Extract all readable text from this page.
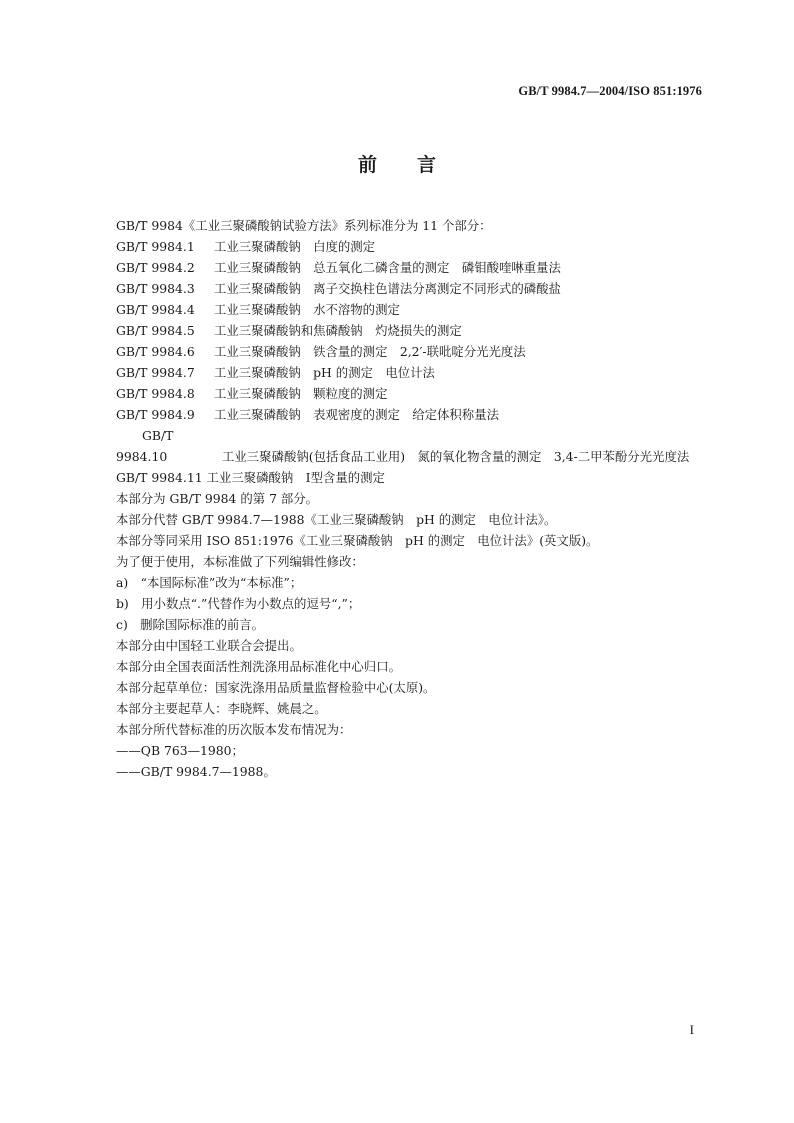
GB/T 9984.7—2004/ISO 851:1976
前 言
GB/T 9984《工业三聚磷酸钠试验方法》系列标准分为 11 个部分：
GB/T 9984.1 工业三聚磷酸钠　白度的测定
GB/T 9984.2 工业三聚磷酸钠　总五氧化二磷含量的测定　磷钼酸喹啉重量法
GB/T 9984.3 工业三聚磷酸钠　离子交换柱色谱法分离测定不同形式的磷酸盐
GB/T 9984.4 工业三聚磷酸钠　水不溶物的测定
GB/T 9984.5 工业三聚磷酸钠和焦磷酸钠　灼烧损失的测定
GB/T 9984.6 工业三聚磷酸钠　铁含量的测定　2,2′-联吡啶分光光度法
GB/T 9984.7 工业三聚磷酸钠　pH 的测定　电位计法
GB/T 9984.8 工业三聚磷酸钠　颗粒度的测定
GB/T 9984.9 工业三聚磷酸钠　表观密度的测定　给定体积称量法
GB/T 9984.10	工业三聚磷酸钠(包括食品工业用)　氮的氧化物含量的测定　3,4-二甲苯酚分光光度法
GB/T 9984.11 工业三聚磷酸钠　Ⅰ型含量的测定
本部分为 GB/T 9984 的第 7 部分。
本部分代替 GB/T 9984.7—1988《工业三聚磷酸钠　pH 的测定　电位计法》。
本部分等同采用 ISO 851:1976《工业三聚磷酸钠　pH 的测定　电位计法》(英文版)。
为了便于使用，本标准做了下列编辑性修改：
a)　“本国际标准”改为“本标准”；
b)　用小数点“.”代替作为小数点的逗号“,”；
c)　删除国际标准的前言。
本部分由中国轻工业联合会提出。
本部分由全国表面活性剂洗涤用品标准化中心归口。
本部分起草单位：国家洗涤用品质量监督检验中心(太原)。
本部分主要起草人：李晓辉、姚晨之。
本部分所代替标准的历次版本发布情况为：
——QB 763—1980；
——GB/T 9984.7—1988。
I
